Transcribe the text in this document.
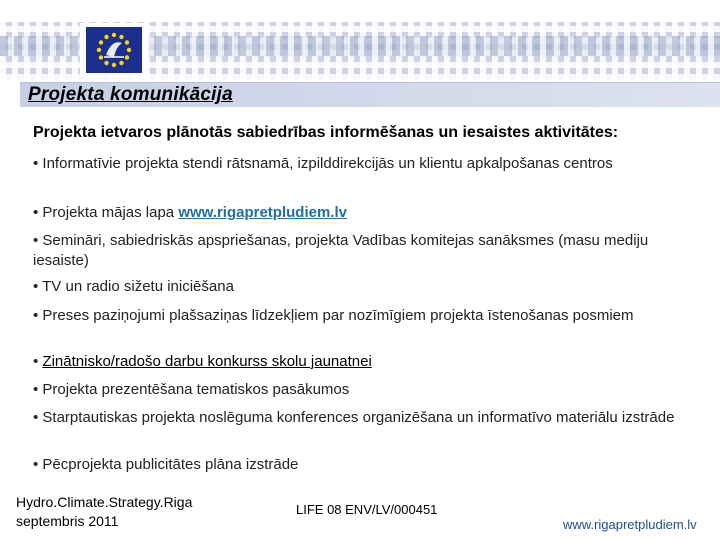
Projekta komunikācija
Projekta ietvaros plānotās sabiedrības informēšanas un iesaistes aktivitātes:
• Informatīvie projekta stendi rātsnamā, izpilddirekcijās un klientu apkalpošanas centros
• Projekta mājas lapa www.rigapretpludiem.lv
• Semināri, sabiedriskās apspriešanas, projekta Vadības komitejas sanāksmes (masu mediju iesaiste)
• TV un radio sižetu iniciēšana
• Preses paziņojumi plašsaziņas līdzekļiem par nozīmīgiem projekta īstenošanas posmiem
• Zinātnisko/radošo darbu konkurss skolu jaunatnei
• Projekta prezentēšana tematiskos pasākumos
• Starptautiskas projekta noslēguma konferences organizēšana un informatīvo materiālu izstrāde
• Pēcprojekta publicitātes plāna izstrāde
Hydro.Climate.Strategy.Riga
septembris 2011
LIFE 08 ENV/LV/000451
www.rigapretpludiem.lv
